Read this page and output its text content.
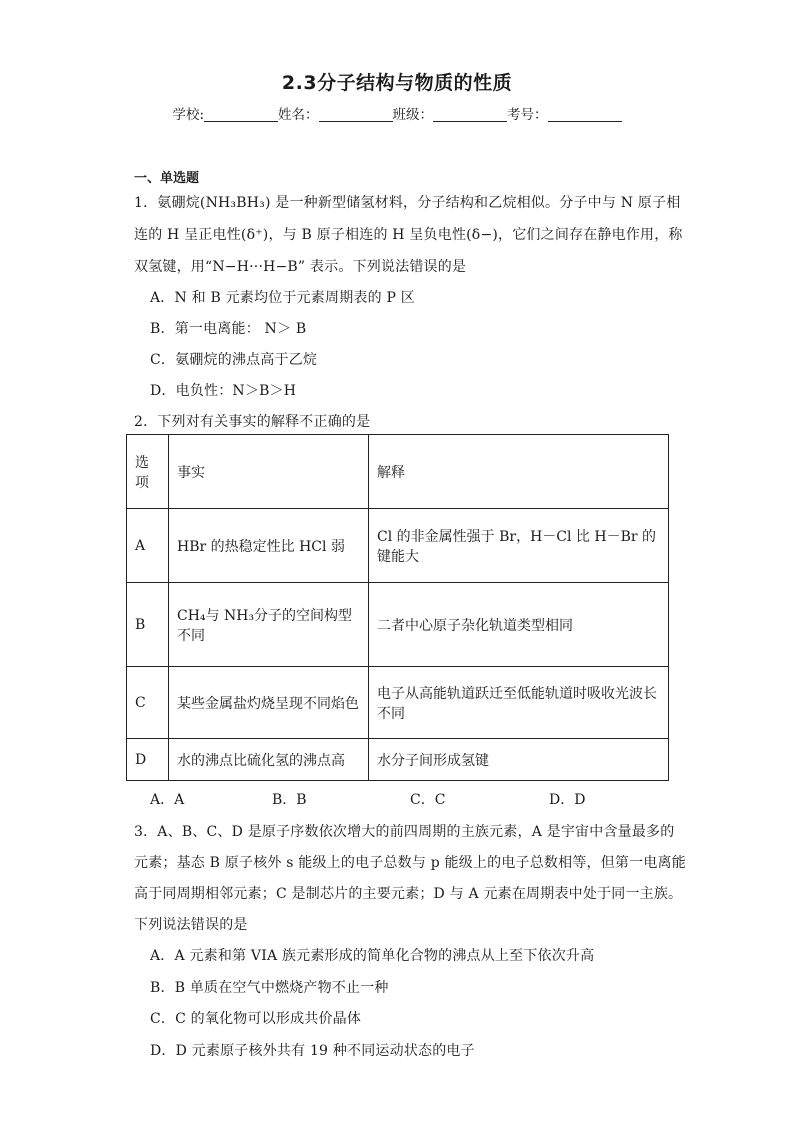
2.3分子结构与物质的性质
学校:	姓名：	班级：	考号：
一、单选题
1．氨硼烷(NH₃BH₃) 是一种新型储氢材料，分子结构和乙烷相似。分子中与 N 原子相
连的 H 呈正电性(δ⁺)，与 B 原子相连的 H 呈负电性(δ−)，它们之间存在静电作用，称
双氢键，用“N−H···H−B” 表示。下列说法错误的是
A．N 和 B 元素均位于元素周期表的 P 区
B．第一电离能： N＞ B
C．氨硼烷的沸点高于乙烷
D．电负性：N＞B＞H
2．下列对有关事实的解释不正确的是
选项	事实	解释
A	HBr 的热稳定性比 HCl 弱	Cl 的非金属性强于 Br，H－Cl 比 H－Br 的键能大
B	CH₄与 NH₃分子的空间构型不同	二者中心原子杂化轨道类型相同
C	某些金属盐灼烧呈现不同焰色	电子从高能轨道跃迁至低能轨道时吸收光波长不同
D	水的沸点比硫化氢的沸点高	水分子间形成氢键
A．A	B．B	C．C	D．D
3．A、B、C、D 是原子序数依次增大的前四周期的主族元素，A 是宇宙中含量最多的
元素；基态 B 原子核外 s 能级上的电子总数与 p 能级上的电子总数相等，但第一电离能
高于同周期相邻元素；C 是制芯片的主要元素；D 与 A 元素在周期表中处于同一主族。
下列说法错误的是
A．A 元素和第 VIA 族元素形成的简单化合物的沸点从上至下依次升高
B．B 单质在空气中燃烧产物不止一种
C．C 的氧化物可以形成共价晶体
D．D 元素原子核外共有 19 种不同运动状态的电子
